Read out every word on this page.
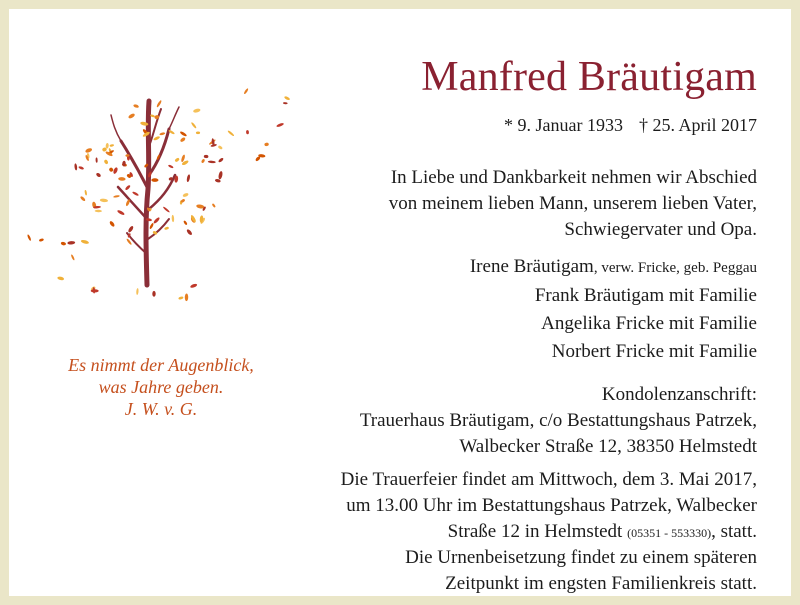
Es nimmt der Augenblick,
was Jahre geben.
J. W. v. G.
Manfred Bräutigam
* 9. Januar 1933 † 25. April 2017
In Liebe und Dankbarkeit nehmen wir Abschied
von meinem lieben Mann, unserem lieben Vater,
Schwiegervater und Opa.
Irene Bräutigam, verw. Fricke, geb. Peggau
Frank Bräutigam mit Familie
Angelika Fricke mit Familie
Norbert Fricke mit Familie
Kondolenzanschrift:
Trauerhaus Bräutigam, c/o Bestattungshaus Patrzek,
Walbecker Straße 12, 38350 Helmstedt
Die Trauerfeier findet am Mittwoch, dem 3. Mai 2017,
um 13.00 Uhr im Bestattungshaus Patrzek, Walbecker
Straße 12 in Helmstedt (05351 - 553330), statt.
Die Urnenbeisetzung findet zu einem späteren
Zeitpunkt im engsten Familienkreis statt.
